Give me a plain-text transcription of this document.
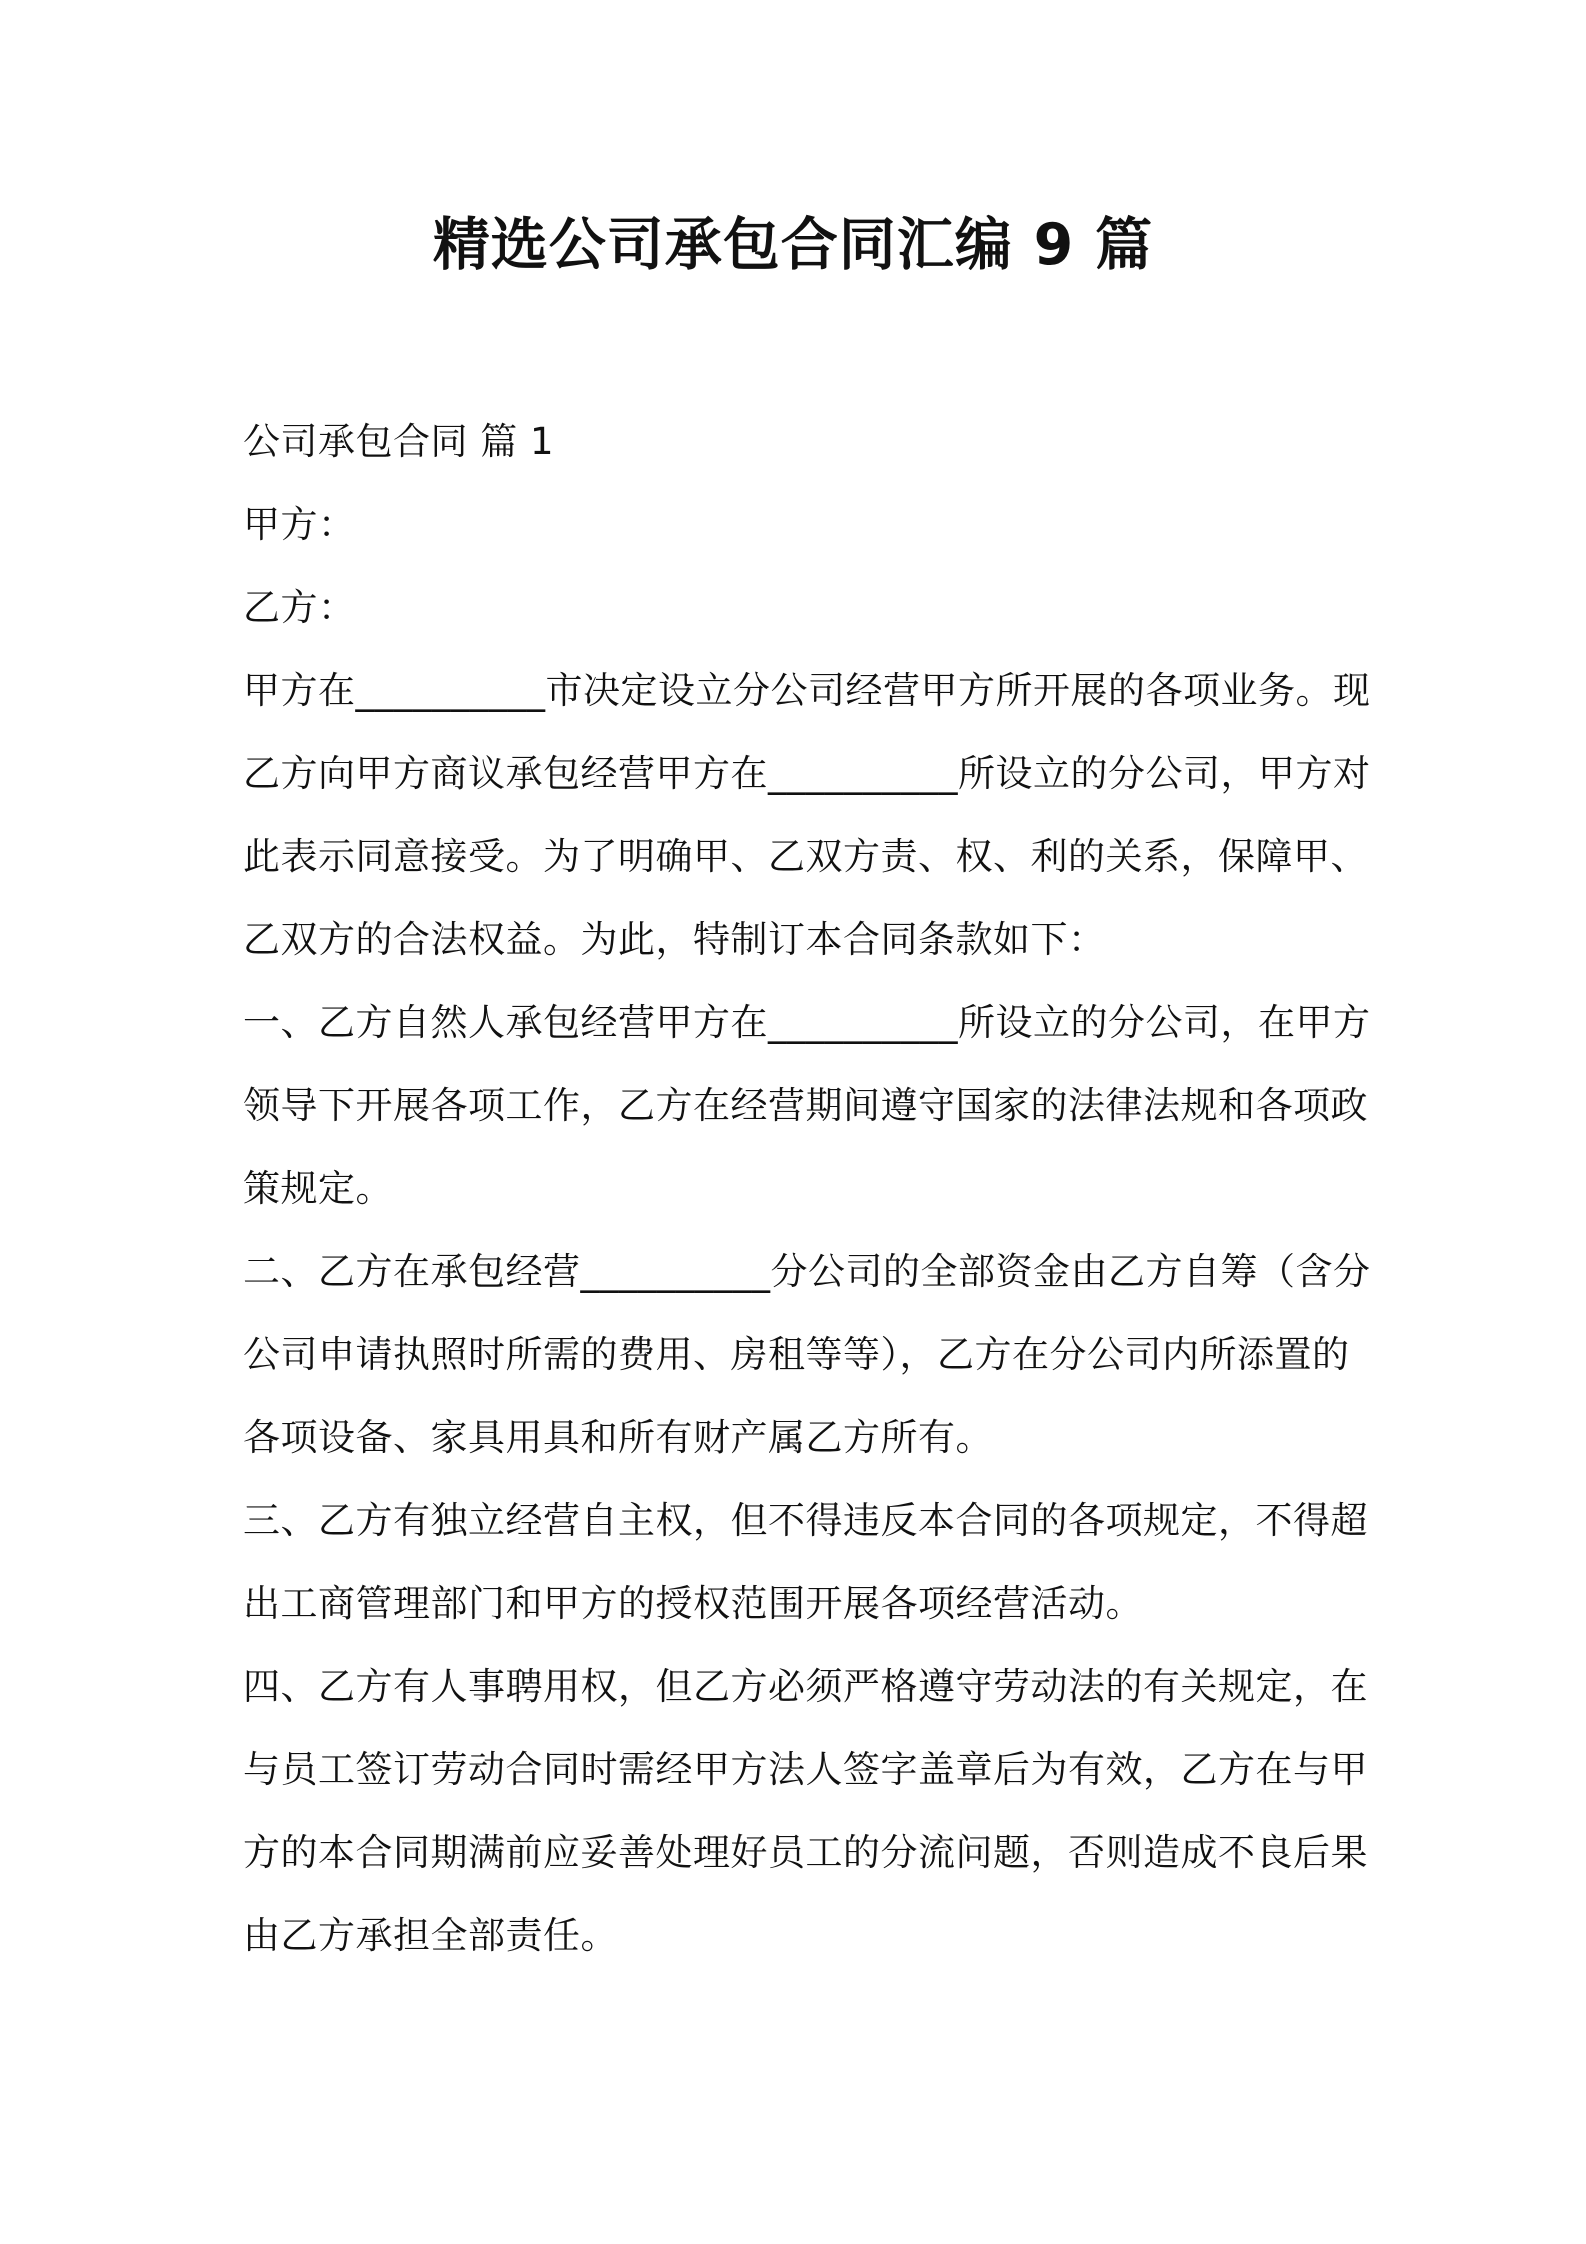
精选公司承包合同汇编 9 篇
公司承包合同 篇 1
甲方：
乙方：
甲方在__________市决定设立分公司经营甲方所开展的各项业务。现
乙方向甲方商议承包经营甲方在__________所设立的分公司，甲方对
此表示同意接受。为了明确甲、乙双方责、权、利的关系，保障甲、
乙双方的合法权益。为此，特制订本合同条款如下：
一、乙方自然人承包经营甲方在__________所设立的分公司，在甲方
领导下开展各项工作，乙方在经营期间遵守国家的法律法规和各项政
策规定。
二、乙方在承包经营__________分公司的全部资金由乙方自筹（含分
公司申请执照时所需的费用、房租等等），乙方在分公司内所添置的
各项设备、家具用具和所有财产属乙方所有。
三、乙方有独立经营自主权，但不得违反本合同的各项规定，不得超
出工商管理部门和甲方的授权范围开展各项经营活动。
四、乙方有人事聘用权，但乙方必须严格遵守劳动法的有关规定，在
与员工签订劳动合同时需经甲方法人签字盖章后为有效，乙方在与甲
方的本合同期满前应妥善处理好员工的分流问题，否则造成不良后果
由乙方承担全部责任。
